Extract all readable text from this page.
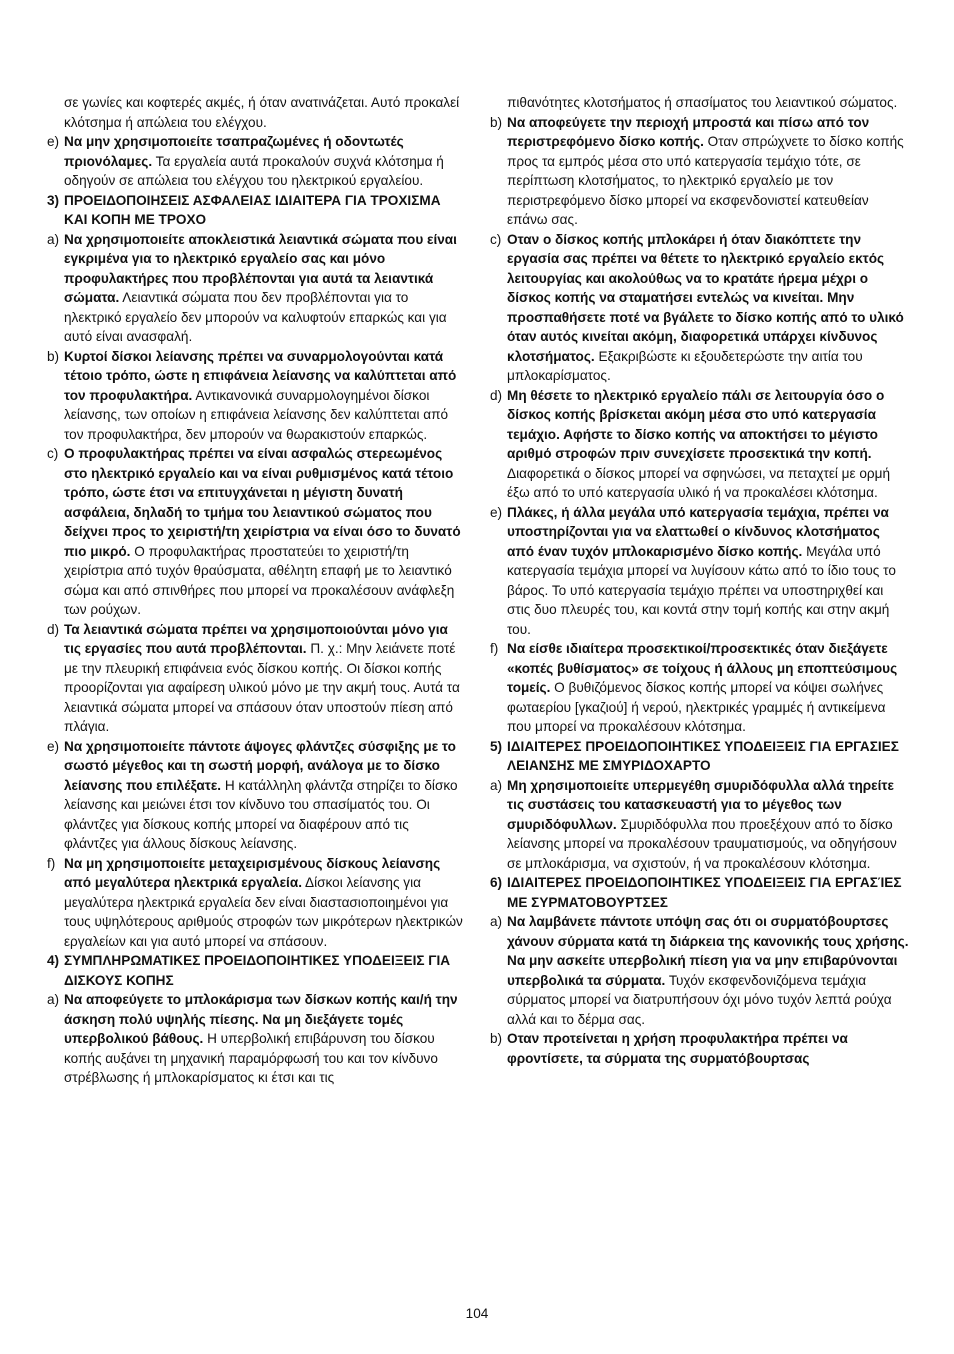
σε γωνίες και κοφτερές ακμές, ή όταν ανατινάζεται. Αυτό προκαλεί κλότσημα ή απώλεια του ελέγχου.

e) Να μην χρησιμοποιείτε τσαπραζωμένες ή οδοντωτές πριονόλαμες. Τα εργαλεία αυτά προκαλούν συχνά κλότσημα ή οδηγούν σε απώλεια του ελέγχου του ηλεκτρικού εργαλείου.
3) ΠΡΟΕΙΔΟΠΟΙΗΣΕΙΣ ΑΣΦΑΛΕΙΑΣ ΙΔΙΑΙΤΕΡΑ ΓΙΑ ΤΡΟΧΙΣΜΑ ΚΑΙ ΚΟΠΗ ΜΕ ΤΡΟΧΟ
a) Να χρησιμοποιείτε αποκλειστικά λειαντικά σώματα που είναι εγκριμένα για το ηλεκτρικό εργαλείο σας και μόνο προφυλακτήρες που προβλέπονται για αυτά τα λειαντικά σώματα. Λειαντικά σώματα που δεν προβλέπονται για το ηλεκτρικό εργαλείο δεν μπορούν να καλυφτούν επαρκώς και για αυτό είναι ανασφαλή.
b) Κυρτοί δίσκοι λείανσης πρέπει να συναρμολογούνται κατά τέτοιο τρόπο, ώστε η επιφάνεια λείανσης να καλύπτεται από τον προφυλακτήρα. Αντικανονικά συναρμολογημένοι δίσκοι λείανσης, των οποίων η επιφάνεια λείανσης δεν καλύπτεται από τον προφυλακτήρα, δεν μπορούν να θωρακιστούν επαρκώς.
c) Ο προφυλακτήρας πρέπει να είναι ασφαλώς στερεωμένος στο ηλεκτρικό εργαλείο και να είναι ρυθμισμένος κατά τέτοιο τρόπο, ώστε έτσι να επιτυγχάνεται η μέγιστη δυνατή ασφάλεια, δηλαδή το τμήμα του λειαντικού σώματος που δείχνει προς το χειριστή/τη χειρίστρια να είναι όσο το δυνατό πιο μικρό. Ο προφυλακτήρας προστατεύει το χειριστή/τη χειρίστρια από τυχόν θραύσματα, αθέλητη επαφή με το λειαντικό σώμα και από σπινθήρες που μπορεί να προκαλέσουν ανάφλεξη των ρούχων.
d) Τα λειαντικά σώματα πρέπει να χρησιμοποιούνται μόνο για τις εργασίες που αυτά προβλέπονται. Π. χ.: Μην λειάνετε ποτέ με την πλευρική επιφάνεια ενός δίσκου κοπής. Οι δίσκοι κοπής προορίζονται για αφαίρεση υλικού μόνο με την ακμή τους. Αυτά τα λειαντικά σώματα μπορεί να σπάσουν όταν υποστούν πίεση από πλάγια.
e) Να χρησιμοποιείτε πάντοτε άψογες φλάντζες σύσφιξης με το σωστό μέγεθος και τη σωστή μορφή, ανάλογα με το δίσκο λείανσης που επιλέξατε. Η κατάλληλη φλάντζα στηρίζει το δίσκο λείανσης και μειώνει έτσι τον κίνδυνο του σπασίματός του. Οι φλάντζες για δίσκους κοπής μπορεί να διαφέρουν από τις φλάντζες για άλλους δίσκους λείανσης.
f) Να μη χρησιμοποιείτε μεταχειρισμένους δίσκους λείανσης από μεγαλύτερα ηλεκτρικά εργαλεία. Δίσκοι λείανσης για μεγαλύτερα ηλεκτρικά εργαλεία δεν είναι διαστασιοποιημένοι για τους υψηλότερους αριθμούς στροφών των μικρότερων ηλεκτρικών εργαλείων και για αυτό μπορεί να σπάσουν.
4) ΣΥΜΠΛΗΡΩΜΑΤΙΚΕΣ ΠΡΟΕΙΔΟΠΟΙΗΤΙΚΕΣ ΥΠΟΔΕΙΞΕΙΣ ΓΙΑ ΔΙΣΚΟΥΣ ΚΟΠΗΣ
a) Να αποφεύγετε το μπλοκάρισμα των δίσκων κοπής και/ή την άσκηση πολύ υψηλής πίεσης. Να μη διεξάγετε τομές υπερβολικού βάθους. Η υπερβολική επιβάρυνση του δίσκου κοπής αυξάνει τη μηχανική παραμόρφωσή του και τον κίνδυνο στρέβλωσης ή μπλοκαρίσματος κι έτσι και τις

πιθανότητες κλοτσήματος ή σπασίματος του λειαντικού σώματος.

b) Να αποφεύγετε την περιοχή μπροστά και πίσω από τον περιστρεφόμενο δίσκο κοπής. Οταν σπρώχνετε το δίσκο κοπής προς τα εμπρός μέσα στο υπό κατεργασία τεμάχιο τότε, σε περίπτωση κλοτσήματος, το ηλεκτρικό εργαλείο με τον περιστρεφόμενο δίσκο μπορεί να εκσφενδονιστεί κατευθείαν επάνω σας.
c) Οταν ο δίσκος κοπής μπλοκάρει ή όταν διακόπτετε την εργασία σας πρέπει να θέτετε το ηλεκτρικό εργαλείο εκτός λειτουργίας και ακολούθως να το κρατάτε ήρεμα μέχρι ο δίσκος κοπής να σταματήσει εντελώς να κινείται. Μην προσπαθήσετε ποτέ να βγάλετε το δίσκο κοπής από το υλικό όταν αυτός κινείται ακόμη, διαφορετικά υπάρχει κίνδυνος κλοτσήματος. Εξακριβώστε κι εξουδετερώστε την αιτία του μπλοκαρίσματος.
d) Μη θέσετε το ηλεκτρικό εργαλείο πάλι σε λειτουργία όσο ο δίσκος κοπής βρίσκεται ακόμη μέσα στο υπό κατεργασία τεμάχιο. Αφήστε το δίσκο κοπής να αποκτήσει το μέγιστο αριθμό στροφών πριν συνεχίσετε προσεκτικά την κοπή. Διαφορετικά ο δίσκος μπορεί να σφηνώσει, να πεταχτεί με ορμή έξω από το υπό κατεργασία υλικό ή να προκαλέσει κλότσημα.
e) Πλάκες, ή άλλα μεγάλα υπό κατεργασία τεμάχια, πρέπει να υποστηρίζονται για να ελαττωθεί ο κίνδυνος κλοτσήματος από έναν τυχόν μπλοκαρισμένο δίσκο κοπής. Μεγάλα υπό κατεργασία τεμάχια μπορεί να λυγίσουν κάτω από το ίδιο τους το βάρος. Το υπό κατεργασία τεμάχιο πρέπει να υποστηριχθεί και στις δυο πλευρές του, και κοντά στην τομή κοπής και στην ακμή του.
f) Να είσθε ιδιαίτερα προσεκτικοί/προσεκτικές όταν διεξάγετε «κοπές βυθίσματος» σε τοίχους ή άλλους μη εποπτεύσιμους τομείς. Ο βυθιζόμενος δίσκος κοπής μπορεί να κόψει σωλήνες φωταερίου [γκαζιού] ή νερού, ηλεκτρικές γραμμές ή αντικείμενα που μπορεί να προκαλέσουν κλότσημα.
5) ΙΔΙΑΙΤΕΡΕΣ ΠΡΟΕΙΔΟΠΟΙΗΤΙΚΕΣ ΥΠΟΔΕΙΞΕΙΣ ΓΙΑ ΕΡΓΑΣΙΕΣ ΛΕΙΑΝΣΗΣ ΜΕ ΣΜΥΡΙΔΟΧΑΡΤΟ
a) Μη χρησιμοποιείτε υπερμεγέθη σμυριδόφυλλα αλλά τηρείτε τις συστάσεις του κατασκευαστή για το μέγεθος των σμυριδόφυλλων. Σμυριδόφυλλα που προεξέχουν από το δίσκο λείανσης μπορεί να προκαλέσουν τραυματισμούς, να οδηγήσουν σε μπλοκάρισμα, να σχιστούν, ή να προκαλέσουν κλότσημα.
6) ΙΔΙΑΙΤΕΡΕΣ ΠΡΟΕΙΔΟΠΟΙΗΤΙΚΕΣ ΥΠΟΔΕΙΞΕΙΣ ΓΙΑ ΕΡΓΑΣΊΕΣ ΜΕ ΣΥΡΜΑΤΟΒΟΥΡΤΣΕΣ
a) Να λαμβάνετε πάντοτε υπόψη σας ότι οι συρματόβουρτσες χάνουν σύρματα κατά τη διάρκεια της κανονικής τους χρήσης. Να μην ασκείτε υπερβολική πίεση για να μην επιβαρύνονται υπερβολικά τα σύρματα. Τυχόν εκσφενδονιζόμενα τεμάχια σύρματος μπορεί να διατρυπήσουν όχι μόνο τυχόν λεπτά ρούχα αλλά και το δέρμα σας.
b) Οταν προτείνεται η χρήση προφυλακτήρα πρέπει να φροντίσετε, τα σύρματα της συρματόβουρτσας
104
